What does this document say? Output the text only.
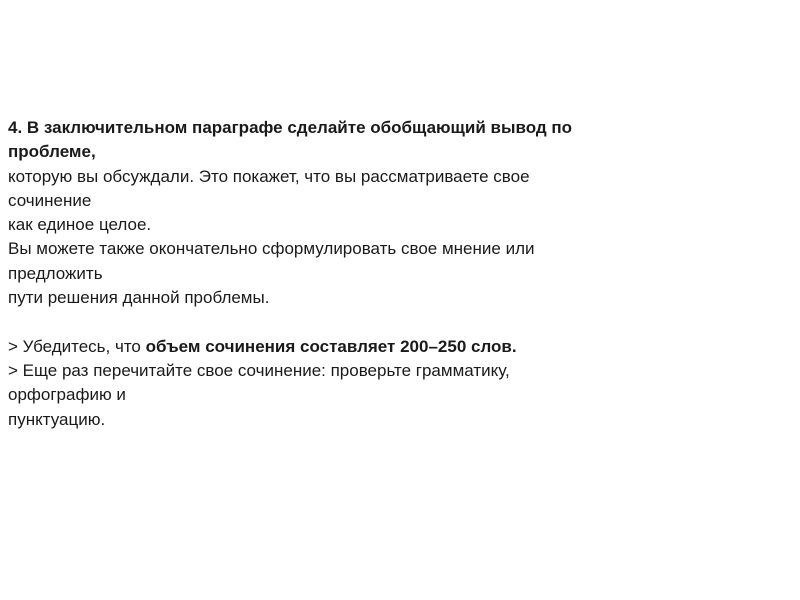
4. В заключительном параграфе сделайте обобщающий вывод по
проблеме,
которую вы обсуждали. Это покажет, что вы рассматриваете свое
сочинение
как единое целое.
Вы можете также окончательно сформулировать свое мнение или
предложить
пути решения данной проблемы.
> Убедитесь, что объем сочинения составляет 200–250 слов.
> Еще раз перечитайте свое сочинение: проверьте грамматику,
орфографию и
пунктуацию.
